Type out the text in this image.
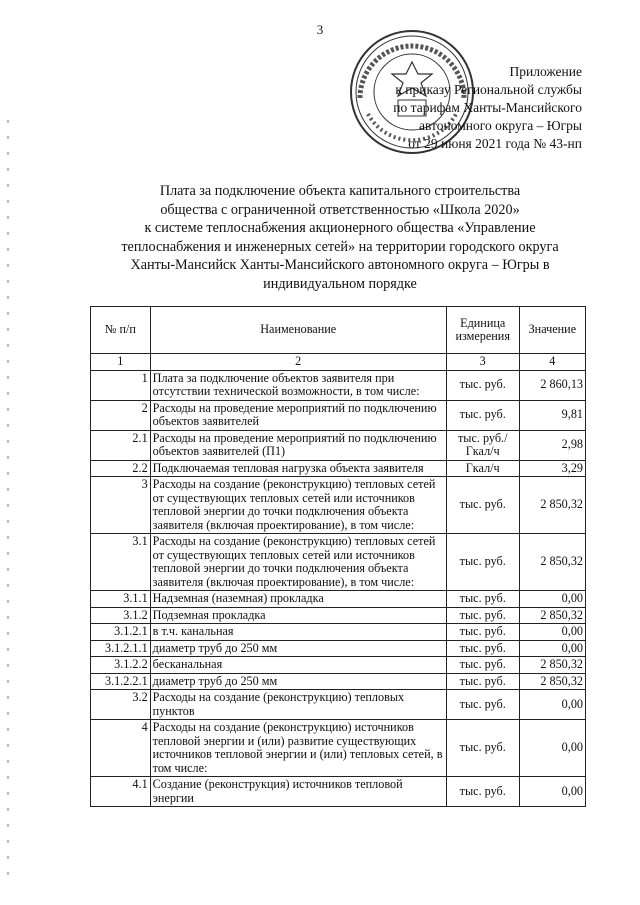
3
Приложение
к приказу Региональной службы
по тарифам Ханты-Мансийского
автономного округа – Югры
от 29 июня 2021 года № 43-нп
Плата за подключение объекта капитального строительства
общества с ограниченной ответственностью «Школа 2020»
к системе теплоснабжения акционерного общества «Управление
теплоснабжения и инженерных сетей» на территории городского округа
Ханты-Мансийск Ханты-Мансийского автономного округа – Югры в
индивидуальном порядке
№ п/п	Наименование	Единица измерения	Значение
1	2	3	4
1	Плата за подключение объектов заявителя при отсутствии технической возможности, в том числе:	тыс. руб.	2 860,13
2	Расходы на проведение мероприятий по подключению объектов заявителей	тыс. руб.	9,81
2.1	Расходы на проведение мероприятий по подключению объектов заявителей (П1)	тыс. руб./Гкал/ч	2,98
2.2	Подключаемая тепловая нагрузка объекта заявителя	Гкал/ч	3,29
3	Расходы на создание (реконструкцию) тепловых сетей от существующих тепловых сетей или источников тепловой энергии до точки подключения объекта заявителя (включая проектирование), в том числе:	тыс. руб.	2 850,32
3.1	Расходы на создание (реконструкцию) тепловых сетей от существующих тепловых сетей или источников тепловой энергии до точки подключения объекта заявителя (включая проектирование), в том числе:	тыс. руб.	2 850,32
3.1.1	Надземная (наземная) прокладка	тыс. руб.	0,00
3.1.2	Подземная прокладка	тыс. руб.	2 850,32
3.1.2.1	в т.ч. канальная	тыс. руб.	0,00
3.1.2.1.1	диаметр труб до 250 мм	тыс. руб.	0,00
3.1.2.2	бесканальная	тыс. руб.	2 850,32
3.1.2.2.1	диаметр труб до 250 мм	тыс. руб.	2 850,32
3.2	Расходы на создание (реконструкцию) тепловых пунктов	тыс. руб.	0,00
4	Расходы на создание (реконструкцию) источников тепловой энергии и (или) развитие существующих источников тепловой энергии и (или) тепловых сетей, в том числе:	тыс. руб.	0,00
4.1	Создание (реконструкция) источников тепловой энергии	тыс. руб.	0,00
